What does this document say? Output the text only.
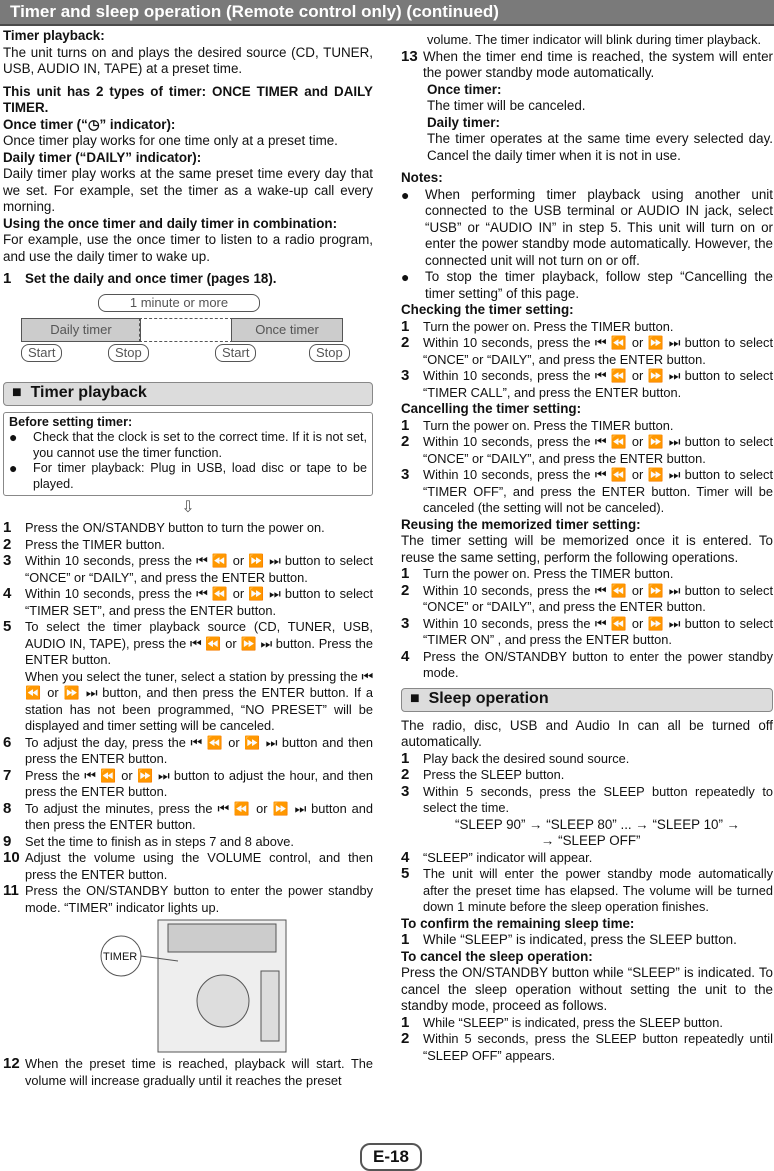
Timer and sleep operation (Remote control only) (continued)

Timer playback:

The unit turns on and plays the desired source (CD, TUNER, USB, AUDIO IN, TAPE) at a preset time.

This unit has 2 types of timer: ONCE TIMER and DAILY TIMER.

Once timer (“◷” indicator):

Once timer play works for one time only at a preset time.

Daily timer (“DAILY” indicator):

Daily timer play works at the same preset time every day that we set. For example, set the timer as a wake-up call every morning.

Using the once timer and daily timer in combination:

For example, use the once timer to listen to a radio program, and use the daily timer to wake up.

1	Set the daily and once timer (pages 18).
1 minute or more
Daily timer	Once timer
Start	Stop	Start	Stop
■  Timer playback

Before setting timer:

●	Check that the clock is set to the correct time. If it is not set, you cannot use the timer function.
●	For timer playback: Plug in USB, load disc or tape to be played.
⇩
1	Press the ON/STANDBY button to turn the power on.
2	Press the TIMER button.
3	Within 10 seconds, press the ⏮ ⏪ or ⏩ ⏭ button to select “ONCE” or “DAILY”, and press the ENTER button.
4	Within 10 seconds, press the ⏮ ⏪ or ⏩ ⏭ button to select “TIMER SET”, and press the ENTER button.
5	To select the timer playback source (CD, TUNER, USB, AUDIO IN, TAPE), press the ⏮ ⏪ or ⏩ ⏭ button. Press the ENTER button.
When you select the tuner, select a station by pressing the ⏮ ⏪ or ⏩ ⏭ button, and then press the ENTER button. If a station has not been programmed, “NO PRESET” will be displayed and timer setting will be canceled.
6	To adjust the day, press the ⏮ ⏪ or ⏩ ⏭ button and then press the ENTER button.
7	Press the ⏮ ⏪ or ⏩ ⏭ button to adjust the hour, and then press the ENTER button.
8	To adjust the minutes, press the ⏮ ⏪ or ⏩ ⏭ button and then press the ENTER button.
9	Set the time to finish as in steps 7 and 8 above.
10 Adjust the volume using the VOLUME control, and then press the ENTER button.
11 Press the ON/STANDBY button to enter the power standby mode. “TIMER” indicator lights up.
TIMER
12 When the preset time is reached, playback will start. The volume will increase gradually until it reaches the preset

volume. The timer indicator will blink during timer playback.

13 When the timer end time is reached, the system will enter the power standby mode automatically.

Once timer:

The timer will be canceled.

Daily timer:

The timer operates at the same time every selected day. Cancel the daily timer when it is not in use.

Notes:

●	When performing timer playback using another unit connected to the USB terminal or AUDIO IN jack, select “USB” or “AUDIO IN” in step 5. This unit will turn on or enter the power standby mode automatically. However, the connected unit will not turn on or off.
●	To stop the timer playback, follow step “Cancelling the timer setting” of this page.

Checking the timer setting:

1	Turn the power on. Press the TIMER button.
2	Within 10 seconds, press the ⏮ ⏪ or ⏩ ⏭ button to select “ONCE” or “DAILY”, and press the ENTER button.
3	Within 10 seconds, press the ⏮ ⏪ or ⏩ ⏭ button to select “TIMER CALL”, and press the ENTER button.

Cancelling the timer setting:

1	Turn the power on. Press the TIMER button.
2	Within 10 seconds, press the ⏮ ⏪ or ⏩ ⏭ button to select “ONCE” or “DAILY”, and press the ENTER button.
3	Within 10 seconds, press the ⏮ ⏪ or ⏩ ⏭ button to select “TIMER OFF”, and press the ENTER button. Timer will be canceled (the setting will not be canceled).

Reusing the memorized timer setting:

The timer setting will be memorized once it is entered. To reuse the same setting, perform the following operations.

1	Turn the power on. Press the TIMER button.
2	Within 10 seconds, press the ⏮ ⏪ or ⏩ ⏭ button to select “ONCE” or “DAILY”, and press the ENTER button.
3	Within 10 seconds, press the ⏮ ⏪ or ⏩ ⏭ button to select “TIMER ON” , and press the ENTER button.
4	Press the ON/STANDBY button to enter the power standby mode.
■  Sleep operation

The radio, disc, USB and Audio In can all be turned off automatically.

1	Play back the desired sound source.
2	Press the SLEEP button.
3	Within 5 seconds, press the SLEEP button repeatedly to select the time.

“SLEEP 90” → “SLEEP 80” ... → “SLEEP 10” →

→ “SLEEP OFF”

4	“SLEEP” indicator will appear.
5	The unit will enter the power standby mode automatically after the preset time has elapsed. The volume will be turned down 1 minute before the sleep operation finishes.

To confirm the remaining sleep time:

1	While “SLEEP” is indicated, press the SLEEP button.

To cancel the sleep operation:

Press the ON/STANDBY button while “SLEEP” is indicated. To cancel the sleep operation without setting the unit to the standby mode, proceed as follows.

1	While “SLEEP” is indicated, press the SLEEP button.
2	Within 5 seconds, press the SLEEP button repeatedly until “SLEEP OFF” appears.
E-18
